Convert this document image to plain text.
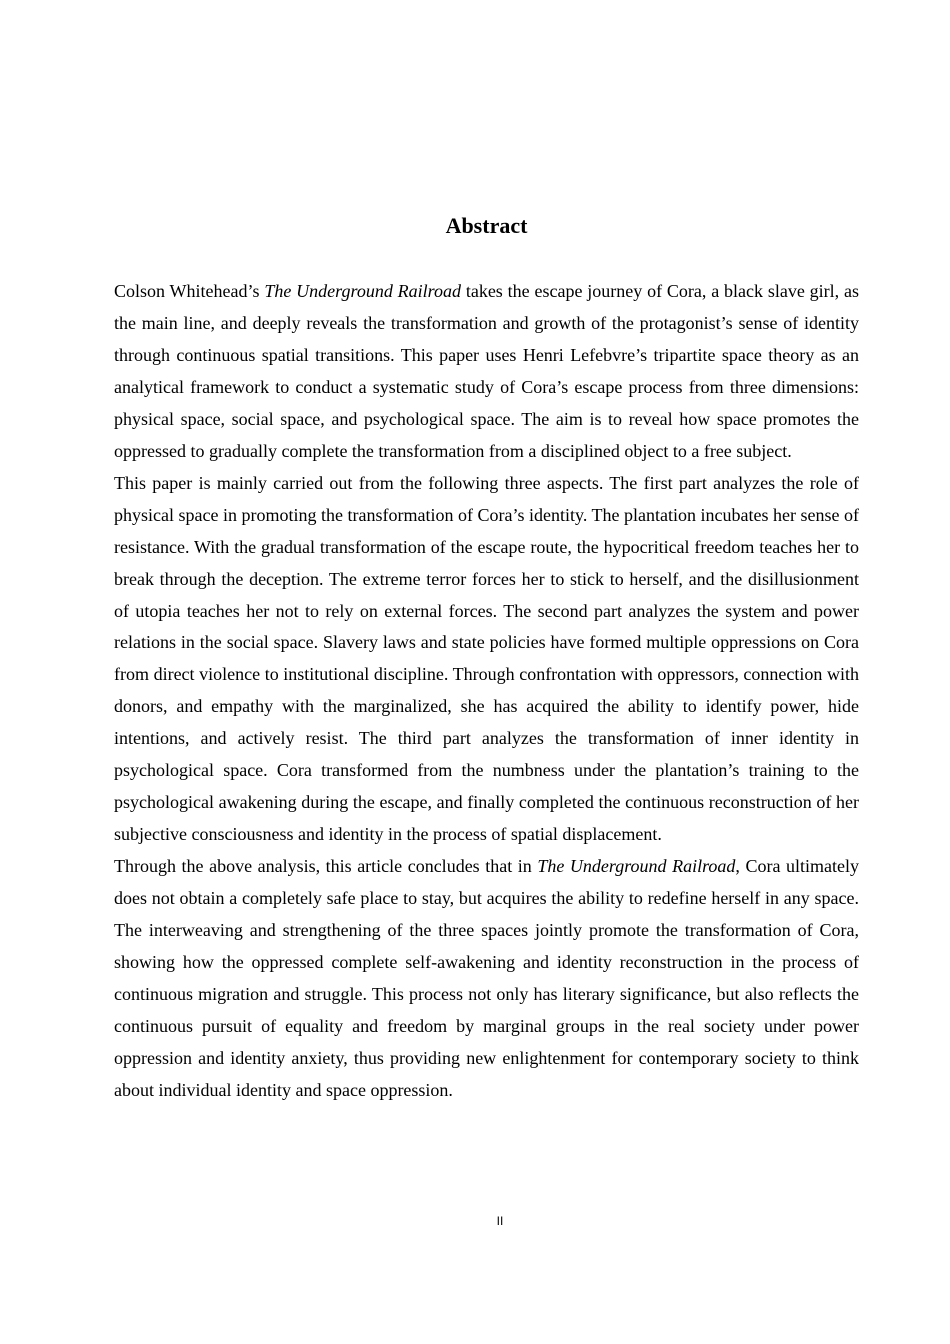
Abstract

Colson Whitehead’s The Underground Railroad takes the escape journey of Cora, a black slave girl, as the main line, and deeply reveals the transformation and growth of the protagonist’s sense of identity through continuous spatial transitions. This paper uses Henri Lefebvre’s tripartite space theory as an analytical framework to conduct a systematic study of Cora’s escape process from three dimensions: physical space, social space, and psychological space. The aim is to reveal how space promotes the oppressed to gradually complete the transformation from a disciplined object to a free subject.

This paper is mainly carried out from the following three aspects. The first part analyzes the role of physical space in promoting the transformation of Cora’s identity. The plantation incubates her sense of resistance. With the gradual transformation of the escape route, the hypocritical freedom teaches her to break through the deception. The extreme terror forces her to stick to herself, and the disillusionment of utopia teaches her not to rely on external forces. The second part analyzes the system and power relations in the social space. Slavery laws and state policies have formed multiple oppressions on Cora from direct violence to institutional discipline. Through confrontation with oppressors, connection with donors, and empathy with the marginalized, she has acquired the ability to identify power, hide intentions, and actively resist. The third part analyzes the transformation of inner identity in psychological space. Cora transformed from the numbness under the plantation’s training to the psychological awakening during the escape, and finally completed the continuous reconstruction of her subjective consciousness and identity in the process of spatial displacement.

Through the above analysis, this article concludes that in The Underground Railroad, Cora ultimately does not obtain a completely safe place to stay, but acquires the ability to redefine herself in any space. The interweaving and strengthening of the three spaces jointly promote the transformation of Cora, showing how the oppressed complete self-awakening and identity reconstruction in the process of continuous migration and struggle. This process not only has literary significance, but also reflects the continuous pursuit of equality and freedom by marginal groups in the real society under power oppression and identity anxiety, thus providing new enlightenment for contemporary society to think about individual identity and space oppression.

II
